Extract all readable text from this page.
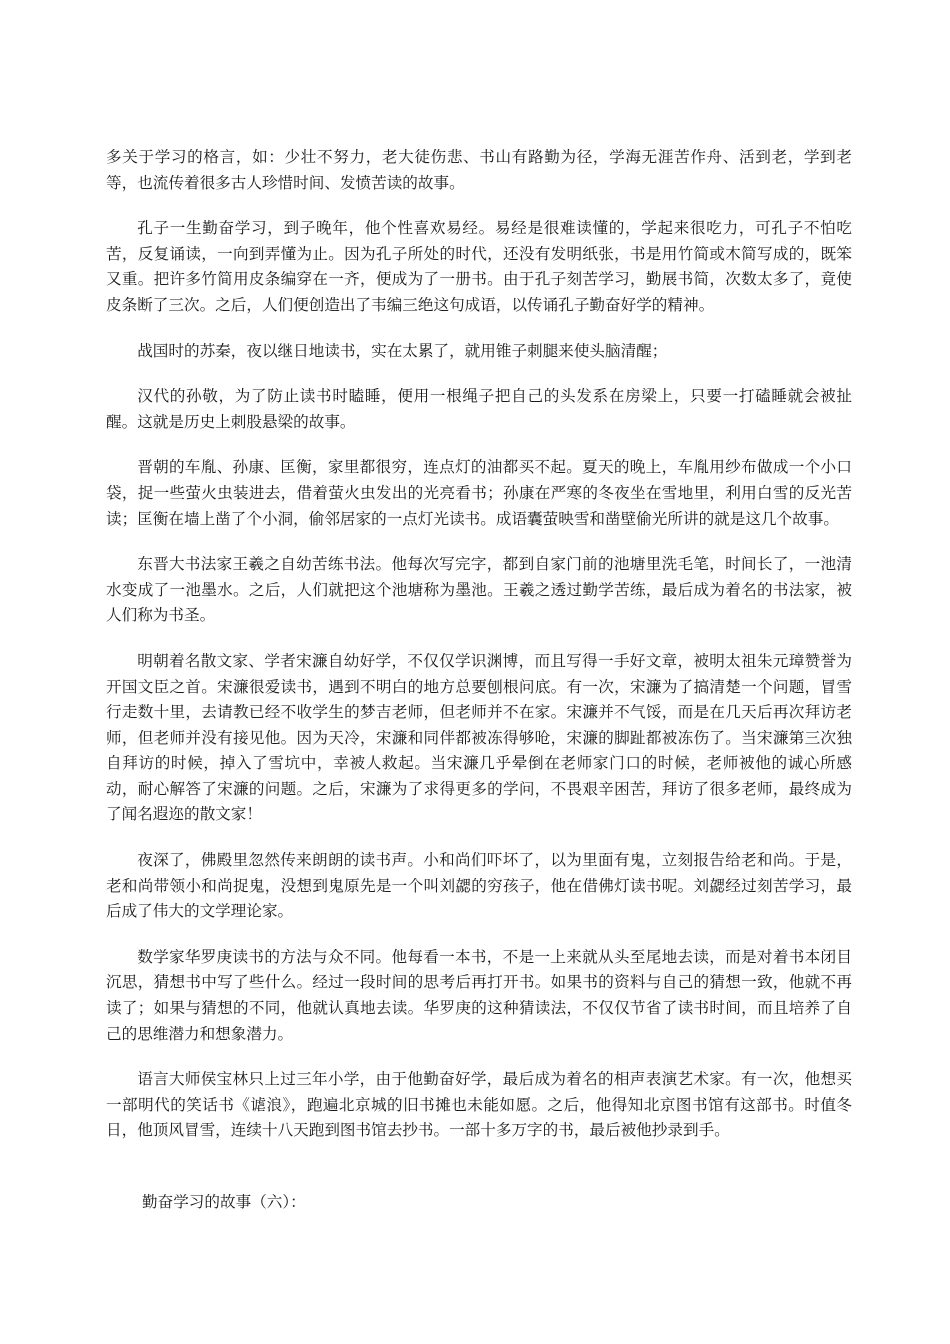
多关于学习的格言，如：少壮不努力，老大徒伤悲、书山有路勤为径，学海无涯苦作舟、活到老，学到老等，也流传着很多古人珍惜时间、发愤苦读的故事。

孔子一生勤奋学习，到子晚年，他个性喜欢易经。易经是很难读懂的，学起来很吃力，可孔子不怕吃苦，反复诵读，一向到弄懂为止。因为孔子所处的时代，还没有发明纸张，书是用竹简或木简写成的，既笨又重。把许多竹简用皮条编穿在一齐，便成为了一册书。由于孔子刻苦学习，勤展书简，次数太多了，竟使皮条断了三次。之后，人们便创造出了韦编三绝这句成语，以传诵孔子勤奋好学的精神。

战国时的苏秦，夜以继日地读书，实在太累了，就用锥子刺腿来使头脑清醒；

汉代的孙敬，为了防止读书时瞌睡，便用一根绳子把自己的头发系在房梁上，只要一打磕睡就会被扯醒。这就是历史上刺股悬梁的故事。

晋朝的车胤、孙康、匡衡，家里都很穷，连点灯的油都买不起。夏天的晚上，车胤用纱布做成一个小口袋，捉一些萤火虫装进去，借着萤火虫发出的光亮看书；孙康在严寒的冬夜坐在雪地里，利用白雪的反光苦读；匡衡在墙上凿了个小洞，偷邻居家的一点灯光读书。成语囊萤映雪和凿壁偷光所讲的就是这几个故事。

东晋大书法家王羲之自幼苦练书法。他每次写完字，都到自家门前的池塘里洗毛笔，时间长了，一池清水变成了一池墨水。之后，人们就把这个池塘称为墨池。王羲之透过勤学苦练，最后成为着名的书法家，被人们称为书圣。

明朝着名散文家、学者宋濂自幼好学，不仅仅学识渊博，而且写得一手好文章，被明太祖朱元璋赞誉为开国文臣之首。宋濂很爱读书，遇到不明白的地方总要刨根问底。有一次，宋濂为了搞清楚一个问题，冒雪行走数十里，去请教已经不收学生的梦吉老师，但老师并不在家。宋濂并不气馁，而是在几天后再次拜访老师，但老师并没有接见他。因为天冷，宋濂和同伴都被冻得够呛，宋濂的脚趾都被冻伤了。当宋濂第三次独自拜访的时候，掉入了雪坑中，幸被人救起。当宋濂几乎晕倒在老师家门口的时候，老师被他的诚心所感动，耐心解答了宋濂的问题。之后，宋濂为了求得更多的学问，不畏艰辛困苦，拜访了很多老师，最终成为了闻名遐迩的散文家！

夜深了，佛殿里忽然传来朗朗的读书声。小和尚们吓坏了，以为里面有鬼，立刻报告给老和尚。于是，老和尚带领小和尚捉鬼，没想到鬼原先是一个叫刘勰的穷孩子，他在借佛灯读书呢。刘勰经过刻苦学习，最后成了伟大的文学理论家。

数学家华罗庚读书的方法与众不同。他每看一本书，不是一上来就从头至尾地去读，而是对着书本闭目沉思，猜想书中写了些什么。经过一段时间的思考后再打开书。如果书的资料与自己的猜想一致，他就不再读了；如果与猜想的不同，他就认真地去读。华罗庚的这种猜读法，不仅仅节省了读书时间，而且培养了自己的思维潜力和想象潜力。

语言大师侯宝林只上过三年小学，由于他勤奋好学，最后成为着名的相声表演艺术家。有一次，他想买一部明代的笑话书《谑浪》，跑遍北京城的旧书摊也未能如愿。之后，他得知北京图书馆有这部书。时值冬日，他顶风冒雪，连续十八天跑到图书馆去抄书。一部十多万字的书，最后被他抄录到手。

勤奋学习的故事（六）：
